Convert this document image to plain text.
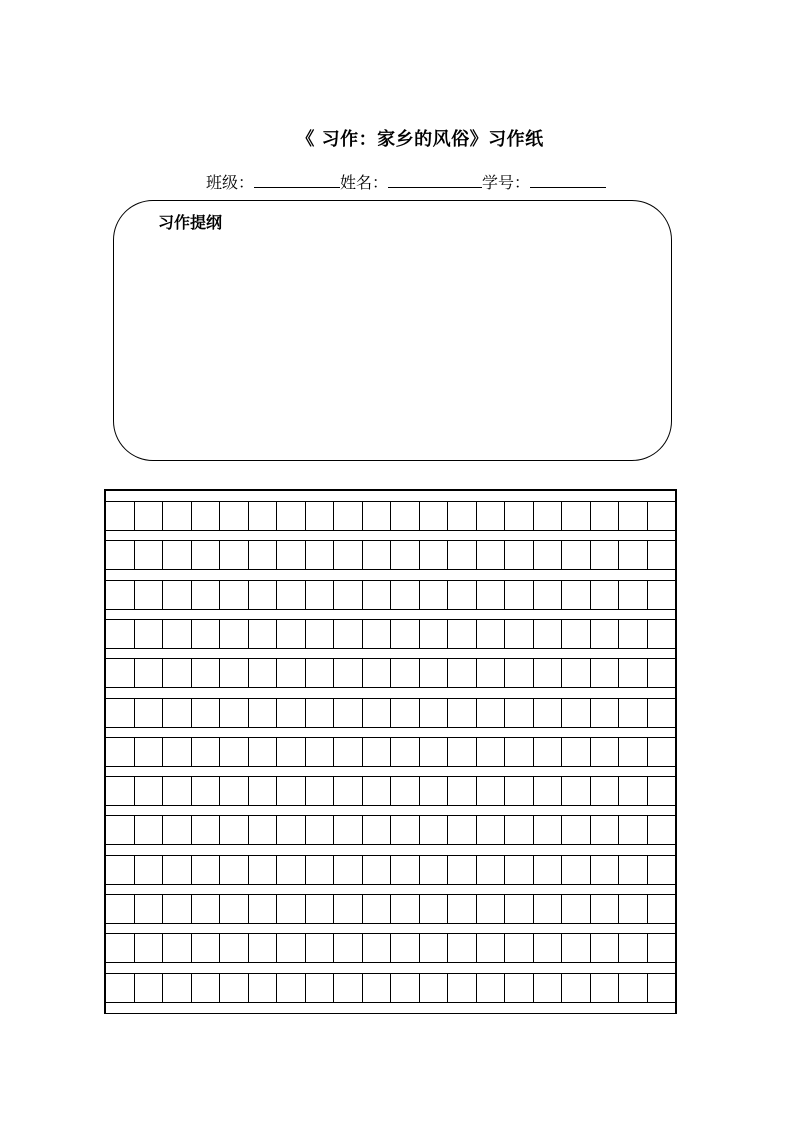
《 习作：家乡的风俗》习作纸
班级：	姓名：	学号：
习作提纲
